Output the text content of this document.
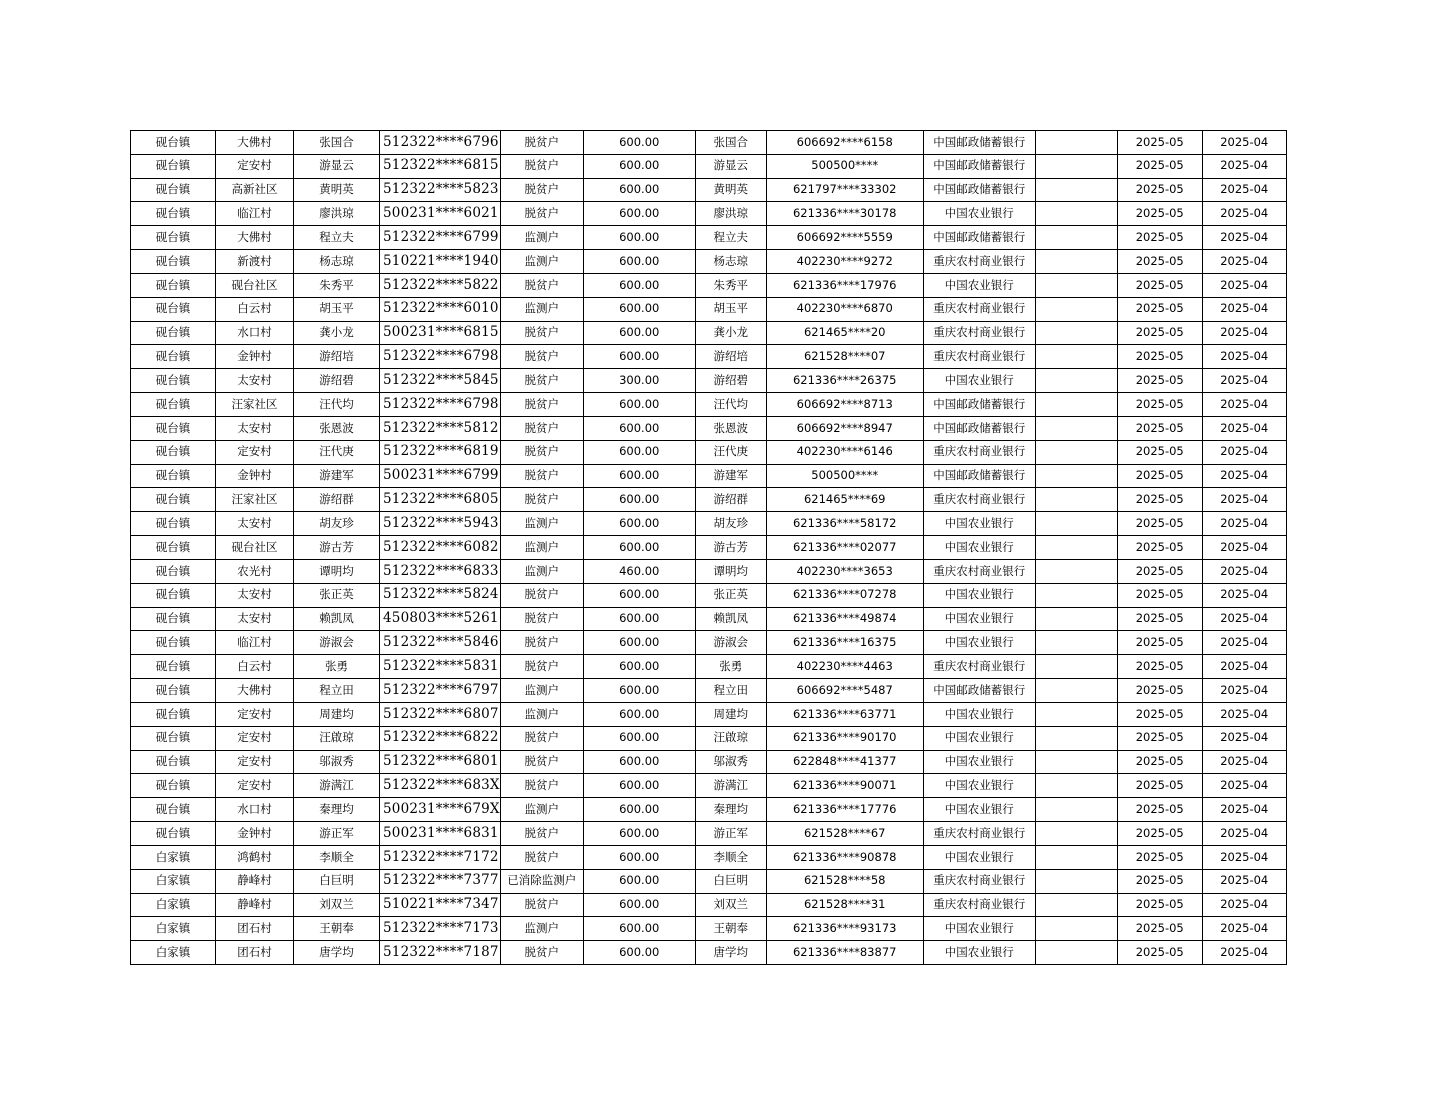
砚台镇	大佛村	张国合	512322****6796	脱贫户	600.00	张国合	606692****6158	中国邮政储蓄银行		2025-05	2025-04
砚台镇	定安村	游显云	512322****6815	脱贫户	600.00	游显云	500500****	中国邮政储蓄银行		2025-05	2025-04
砚台镇	高新社区	黄明英	512322****5823	脱贫户	600.00	黄明英	621797****33302	中国邮政储蓄银行		2025-05	2025-04
砚台镇	临江村	廖洪琼	500231****6021	脱贫户	600.00	廖洪琼	621336****30178	中国农业银行		2025-05	2025-04
砚台镇	大佛村	程立夫	512322****6799	监测户	600.00	程立夫	606692****5559	中国邮政储蓄银行		2025-05	2025-04
砚台镇	新渡村	杨志琼	510221****1940	监测户	600.00	杨志琼	402230****9272	重庆农村商业银行		2025-05	2025-04
砚台镇	砚台社区	朱秀平	512322****5822	脱贫户	600.00	朱秀平	621336****17976	中国农业银行		2025-05	2025-04
砚台镇	白云村	胡玉平	512322****6010	监测户	600.00	胡玉平	402230****6870	重庆农村商业银行		2025-05	2025-04
砚台镇	水口村	龚小龙	500231****6815	脱贫户	600.00	龚小龙	621465****20	重庆农村商业银行		2025-05	2025-04
砚台镇	金钟村	游绍培	512322****6798	脱贫户	600.00	游绍培	621528****07	重庆农村商业银行		2025-05	2025-04
砚台镇	太安村	游绍碧	512322****5845	脱贫户	300.00	游绍碧	621336****26375	中国农业银行		2025-05	2025-04
砚台镇	汪家社区	汪代均	512322****6798	脱贫户	600.00	汪代均	606692****8713	中国邮政储蓄银行		2025-05	2025-04
砚台镇	太安村	张恩波	512322****5812	脱贫户	600.00	张恩波	606692****8947	中国邮政储蓄银行		2025-05	2025-04
砚台镇	定安村	汪代庚	512322****6819	脱贫户	600.00	汪代庚	402230****6146	重庆农村商业银行		2025-05	2025-04
砚台镇	金钟村	游建军	500231****6799	脱贫户	600.00	游建军	500500****	中国邮政储蓄银行		2025-05	2025-04
砚台镇	汪家社区	游绍群	512322****6805	脱贫户	600.00	游绍群	621465****69	重庆农村商业银行		2025-05	2025-04
砚台镇	太安村	胡友珍	512322****5943	监测户	600.00	胡友珍	621336****58172	中国农业银行		2025-05	2025-04
砚台镇	砚台社区	游古芳	512322****6082	监测户	600.00	游古芳	621336****02077	中国农业银行		2025-05	2025-04
砚台镇	农光村	谭明均	512322****6833	监测户	460.00	谭明均	402230****3653	重庆农村商业银行		2025-05	2025-04
砚台镇	太安村	张正英	512322****5824	脱贫户	600.00	张正英	621336****07278	中国农业银行		2025-05	2025-04
砚台镇	太安村	赖凯凤	450803****5261	脱贫户	600.00	赖凯凤	621336****49874	中国农业银行		2025-05	2025-04
砚台镇	临江村	游淑会	512322****5846	脱贫户	600.00	游淑会	621336****16375	中国农业银行		2025-05	2025-04
砚台镇	白云村	张勇	512322****5831	脱贫户	600.00	张勇	402230****4463	重庆农村商业银行		2025-05	2025-04
砚台镇	大佛村	程立田	512322****6797	监测户	600.00	程立田	606692****5487	中国邮政储蓄银行		2025-05	2025-04
砚台镇	定安村	周建均	512322****6807	监测户	600.00	周建均	621336****63771	中国农业银行		2025-05	2025-04
砚台镇	定安村	汪啟琼	512322****6822	脱贫户	600.00	汪啟琼	621336****90170	中国农业银行		2025-05	2025-04
砚台镇	定安村	邬淑秀	512322****6801	脱贫户	600.00	邬淑秀	622848****41377	中国农业银行		2025-05	2025-04
砚台镇	定安村	游满江	512322****683X	脱贫户	600.00	游满江	621336****90071	中国农业银行		2025-05	2025-04
砚台镇	水口村	秦理均	500231****679X	监测户	600.00	秦理均	621336****17776	中国农业银行		2025-05	2025-04
砚台镇	金钟村	游正军	500231****6831	脱贫户	600.00	游正军	621528****67	重庆农村商业银行		2025-05	2025-04
白家镇	鸿鹤村	李顺全	512322****7172	脱贫户	600.00	李顺全	621336****90878	中国农业银行		2025-05	2025-04
白家镇	静峰村	白巨明	512322****7377	已消除监测户	600.00	白巨明	621528****58	重庆农村商业银行		2025-05	2025-04
白家镇	静峰村	刘双兰	510221****7347	脱贫户	600.00	刘双兰	621528****31	重庆农村商业银行		2025-05	2025-04
白家镇	团石村	王朝奉	512322****7173	监测户	600.00	王朝奉	621336****93173	中国农业银行		2025-05	2025-04
白家镇	团石村	唐学均	512322****7187	脱贫户	600.00	唐学均	621336****83877	中国农业银行		2025-05	2025-04
